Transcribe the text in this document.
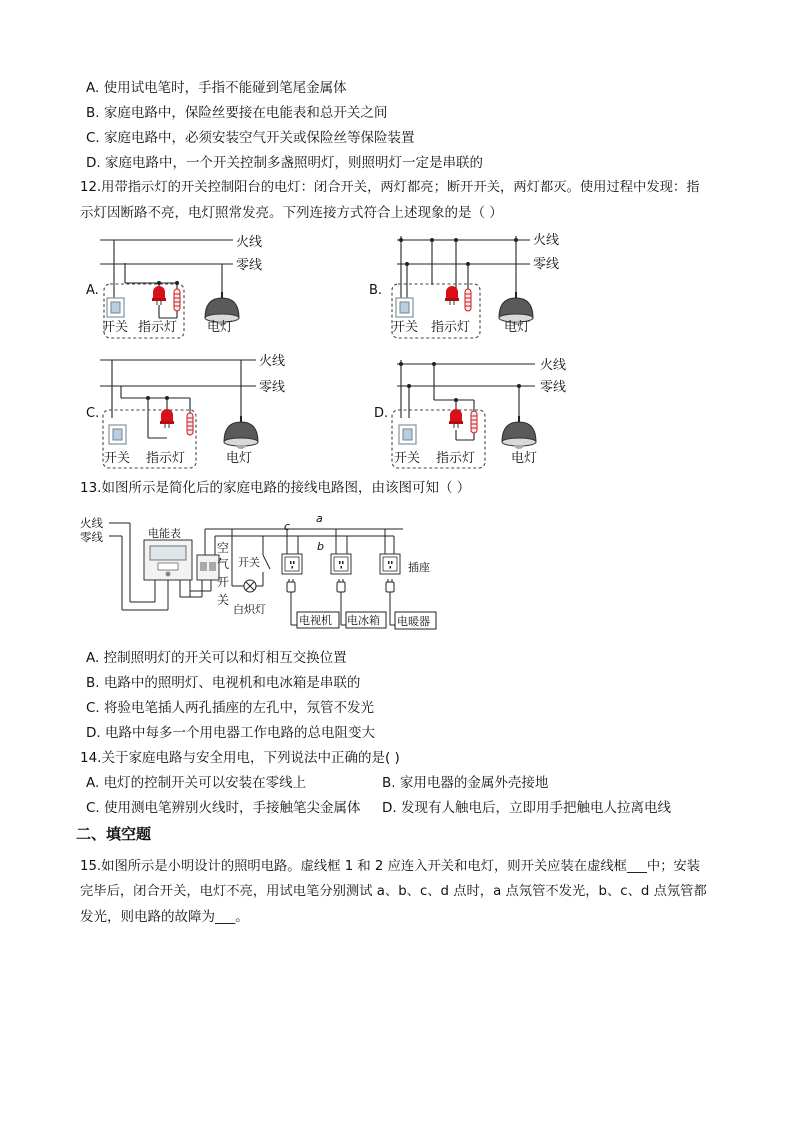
A. 使用试电笔时，手指不能碰到笔尾金属体
B. 家庭电路中，保险丝要接在电能表和总开关之间
C. 家庭电路中，必须安装空气开关或保险丝等保险装置
D. 家庭电路中，一个开关控制多盏照明灯，则照明灯一定是串联的
12.用带指示灯的开关控制阳台的电灯：闭合开关，两灯都亮；断开开关，两灯都灭。使用过程中发现：指
示灯因断路不亮，电灯照常发亮。下列连接方式符合上述现象的是（ ）
火线
零线
A.
开关 指示灯 电灯
火线
零线
B.
开关 指示灯	电灯
火线
零线
C.
开关 指示灯	电灯
火线
零线
D.
开关 指示灯	电灯
13.如图所示是简化后的家庭电路的接线电路图，由该图可知（ ）
火线
零线	电能表
空
气
开
关
开关
白炽灯
插座
电视机 电冰箱 电暖器
a
b
c
A. 控制照明灯的开关可以和灯相互交换位置
B. 电路中的照明灯、电视机和电冰箱是串联的
C. 将验电笔插人两孔插座的左孔中，氖管不发光
D. 电路中每多一个用电器工作电路的总电阻变大
14.关于家庭电路与安全用电，下列说法中正确的是( )
A. 电灯的控制开关可以安装在零线上	B. 家用电器的金属外壳接地
C. 使用测电笔辨别火线时，手接触笔尖金属体 D. 发现有人触电后，立即用手把触电人拉离电线
二、填空题
15.如图所示是小明设计的照明电路。虚线框 1 和 2 应连入开关和电灯，则开关应装在虚线框___中；安装
完毕后，闭合开关，电灯不亮，用试电笔分别测试 a、b、c、d 点时，a 点氖管不发光，b、c、d 点氖管都
发光，则电路的故障为___。
